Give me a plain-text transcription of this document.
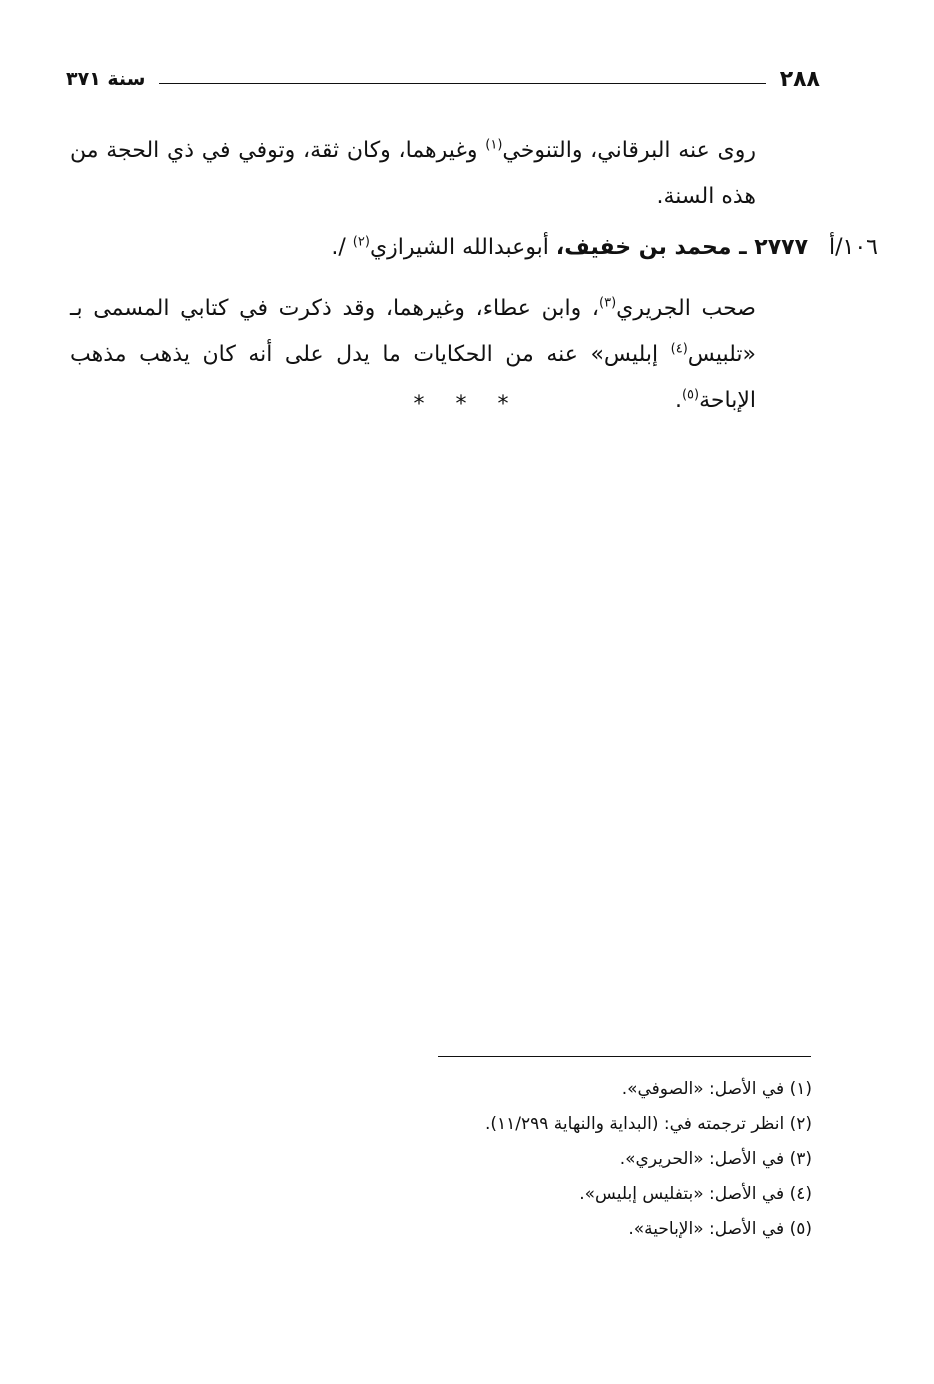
٢٨٨
سنة ٣٧١
روى عنه البرقاني، والتنوخي$^{(١)}$ وغيرهما، وكان ثقة، وتوفي في ذي الحجة من هذه السنة.
١٠٦/أ ٢٧٧٧ ـ محمد بن خفيف، أبوعبدالله الشيرازي$^{(٢)}$ /.
صحب الجريري$^{(٣)}$، وابن عطاء، وغيرهما، وقد ذكرت في كتابي المسمى بـ «تلبيس$^{(٤)}$ إبليس» عنه من الحكايات ما يدل على أنه كان يذهب مذهب الإباحة$^{(٥)}$.
* * *
(١) في الأصل: «الصوفي».
(٢) انظر ترجمته في: (البداية والنهاية ١١/٢٩٩).
(٣) في الأصل: «الحريري».
(٤) في الأصل: «بتفليس إبليس».
(٥) في الأصل: «الإباحية».
